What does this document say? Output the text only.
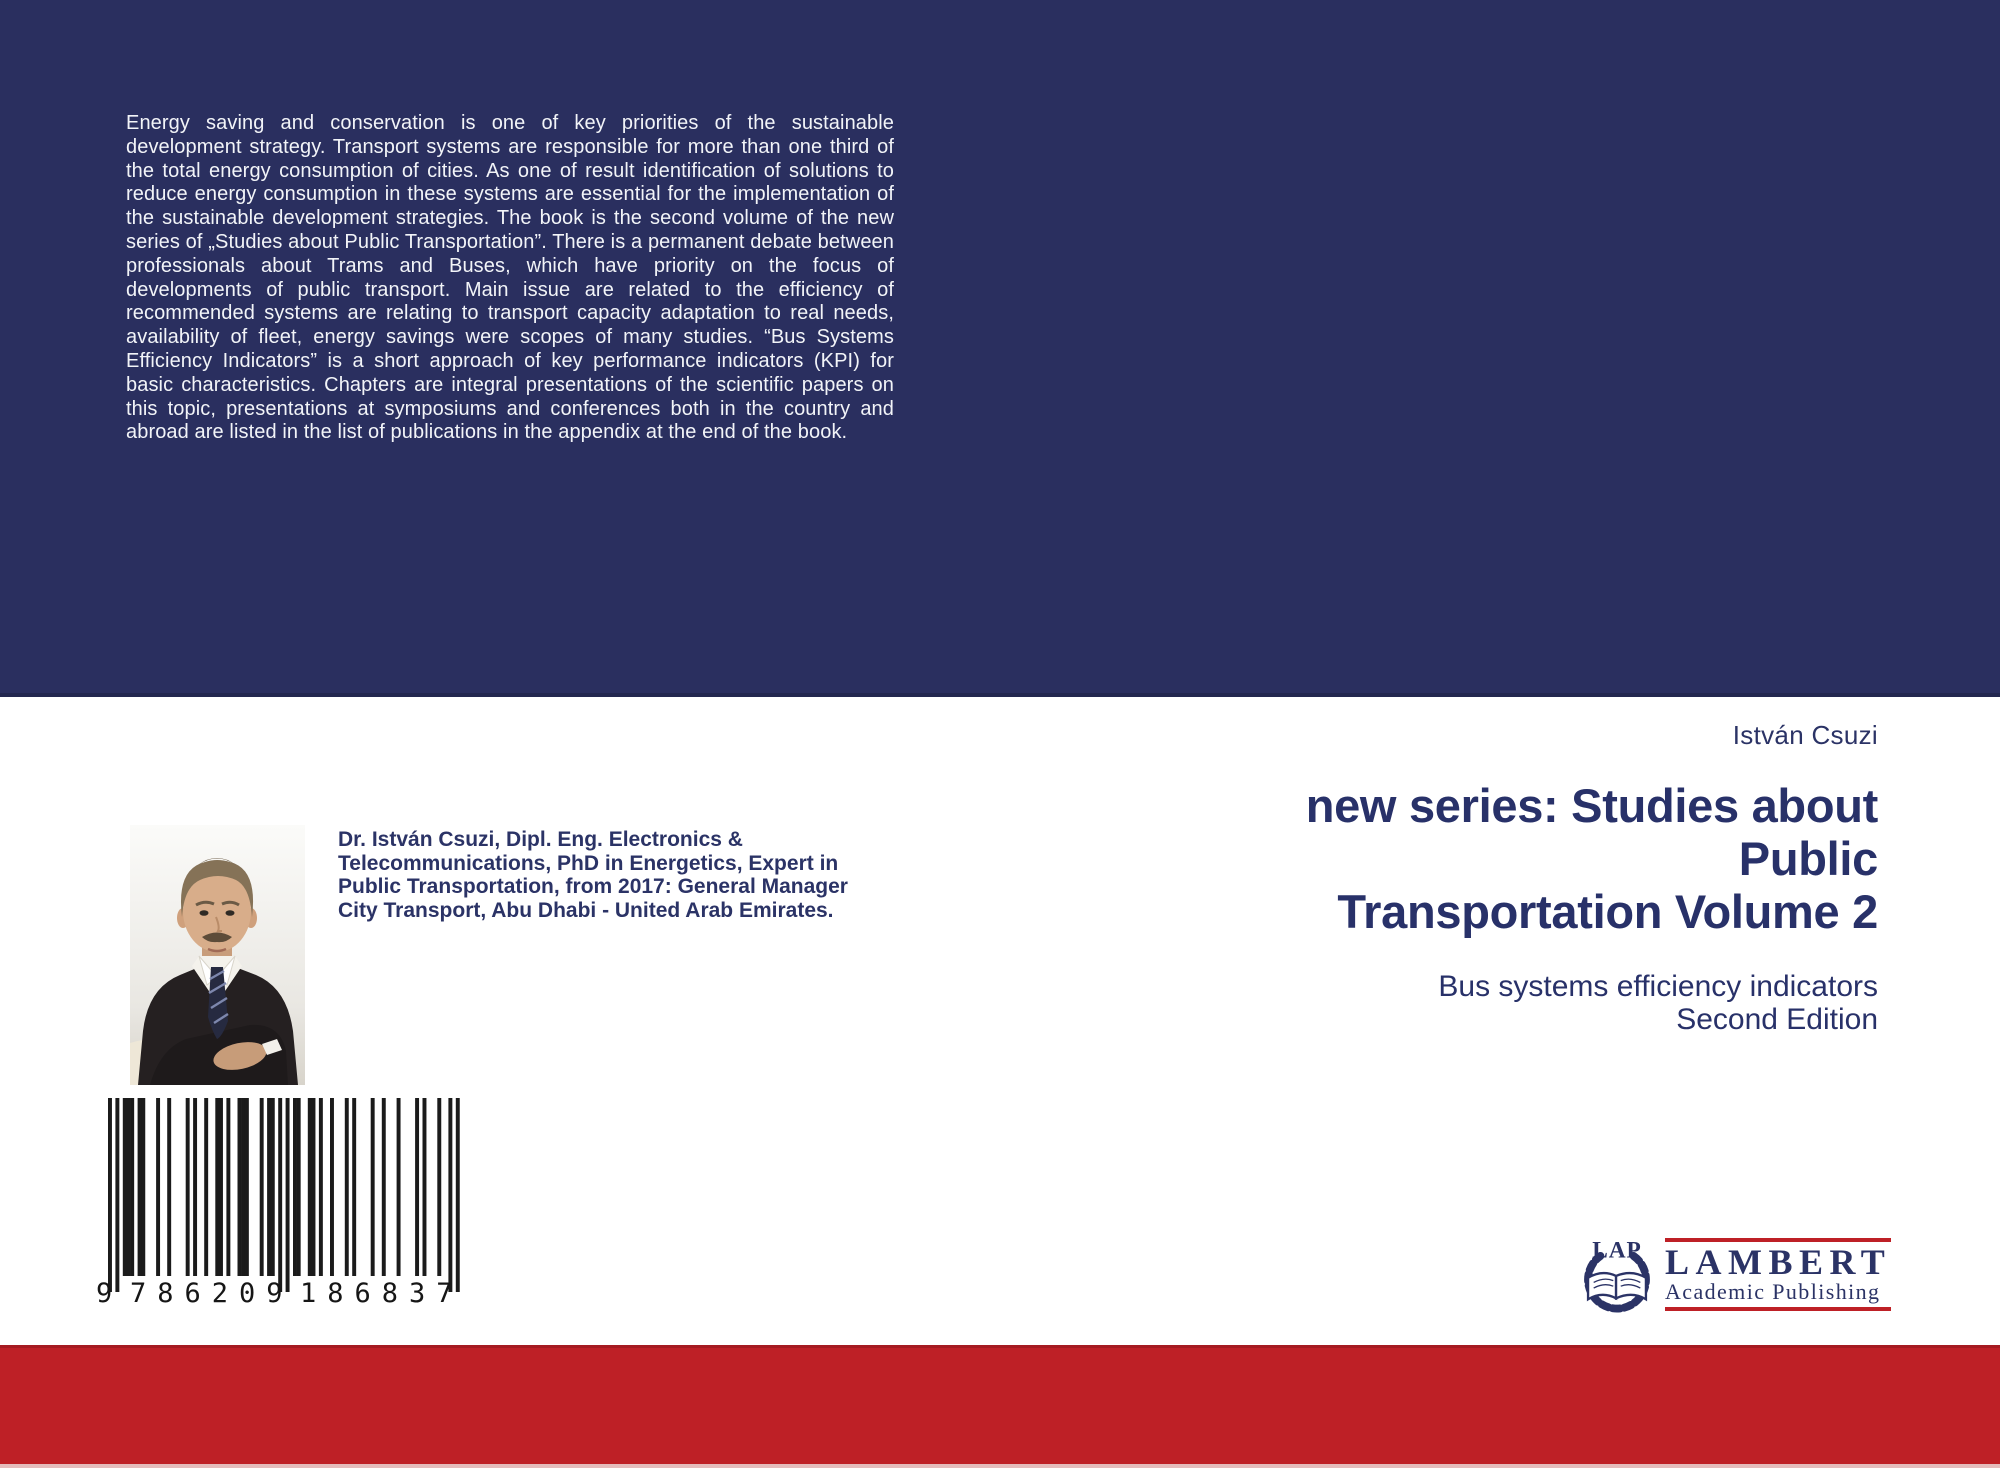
Energy saving and conservation is one of key priorities of the sustainable development strategy. Transport systems are responsible for more than one third of the total energy consumption of cities. As one of result identification of solutions to reduce energy consumption in these systems are essential for the implementation of the sustainable development strategies. The book is the second volume of the new series of „Studies about Public Transportation”. There is a permanent debate between professionals about Trams and Buses, which have priority on the focus of developments of public transport. Main issue are related to the efficiency of recommended systems are relating to transport capacity adaptation to real needs, availability of fleet, energy savings were scopes of many studies. “Bus Systems Efficiency Indicators” is a short approach of key performance indicators (KPI) for basic characteristics. Chapters are integral presentations of the scientific papers on this topic, presentations at symposiums and conferences both in the country and abroad are listed in the list of publications in the appendix at the end of the book.

István Csuzi
new series: Studies about
Public
Transportation Volume 2
Bus systems efficiency indicators
Second Edition

Dr. István Csuzi, Dipl. Eng. Electronics & Telecommunications, PhD in Energetics, Expert in Public Transportation, from 2017: General Manager City Transport, Abu Dhabi - United Arab Emirates.

9 786209 186837
LAP LAMBERT

Academic Publishing
